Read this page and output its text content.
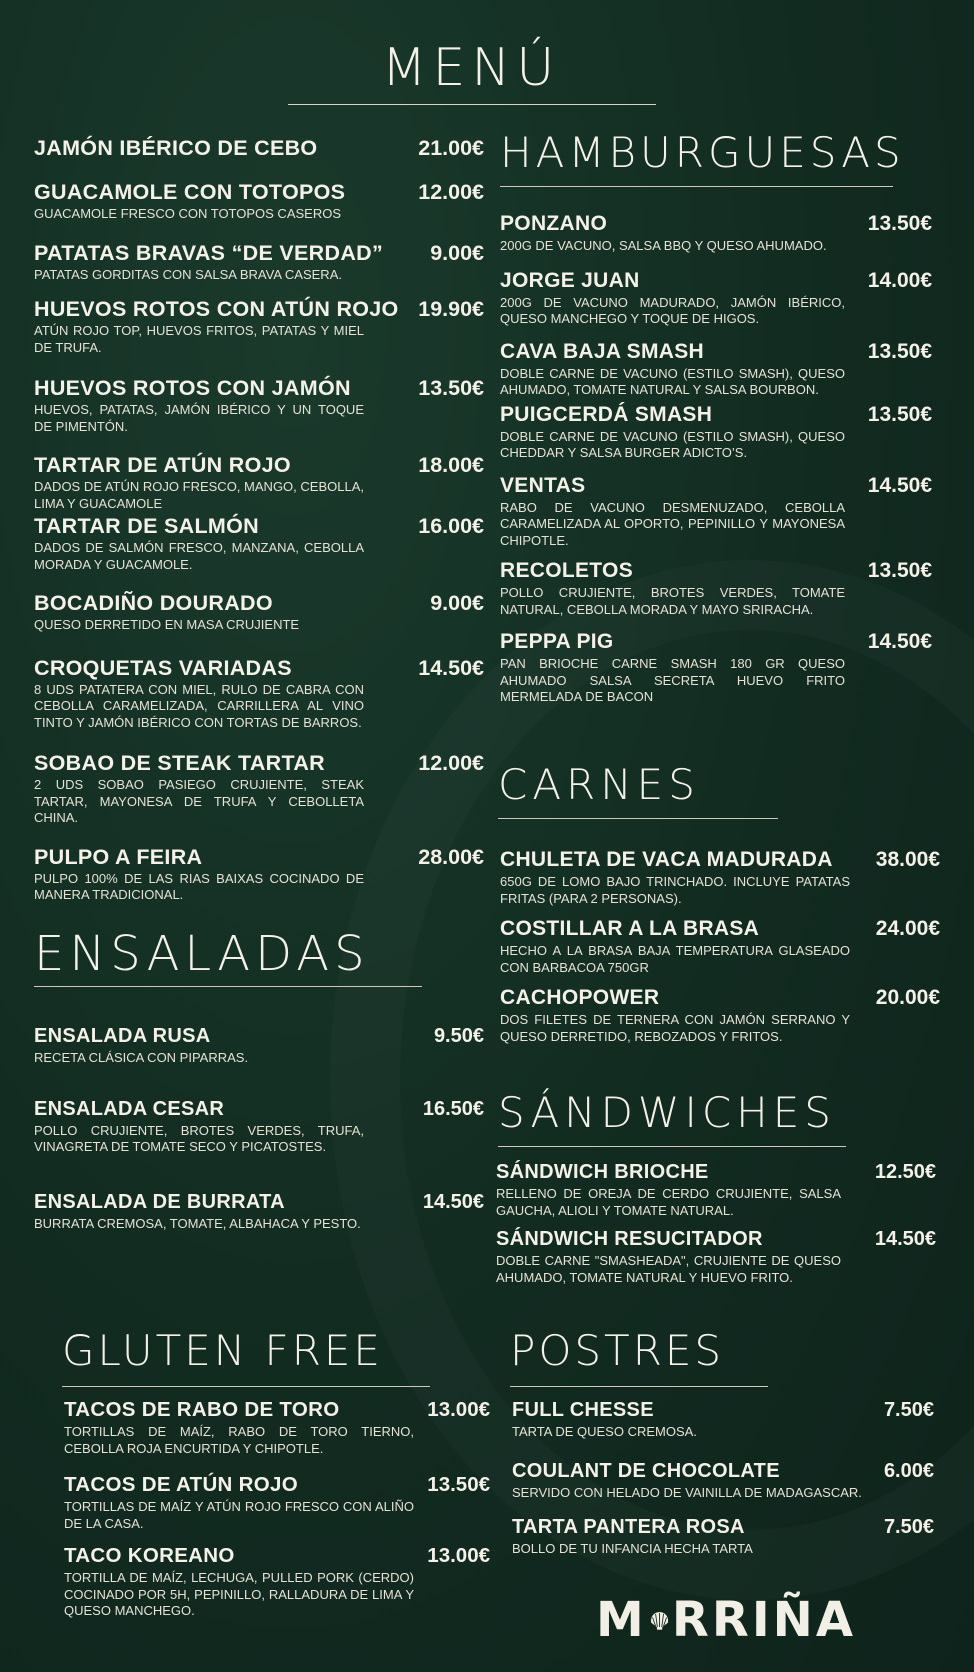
MENÚ
JAMÓN IBÉRICO DE CEBO	21.00€
GUACAMOLE CON TOTOPOS	12.00€
GUACAMOLE FRESCO CON TOTOPOS CASEROS
PATATAS BRAVAS “DE VERDAD”	9.00€
PATATAS GORDITAS CON SALSA BRAVA CASERA.
HUEVOS ROTOS CON ATÚN ROJO 19.90€
ATÚN ROJO TOP, HUEVOS FRITOS, PATATAS Y MIEL DE TRUFA.
HUEVOS ROTOS CON JAMÓN	13.50€
HUEVOS, PATATAS, JAMÓN IBÉRICO Y UN TOQUE DE PIMENTÓN.
TARTAR DE ATÚN ROJO	18.00€
DADOS DE ATÚN ROJO FRESCO, MANGO, CEBOLLA, LIMA Y GUACAMOLE
TARTAR DE SALMÓN	16.00€
DADOS DE SALMÓN FRESCO, MANZANA, CEBOLLA MORADA Y GUACAMOLE.
BOCADIÑO DOURADO	9.00€
QUESO DERRETIDO EN MASA CRUJIENTE
CROQUETAS VARIADAS	14.50€
8 UDS PATATERA CON MIEL, RULO DE CABRA CON CEBOLLA CARAMELIZADA, CARRILLERA AL VINO TINTO Y JAMÓN IBÉRICO CON TORTAS DE BARROS.
SOBAO DE STEAK TARTAR	12.00€
2 UDS SOBAO PASIEGO CRUJIENTE, STEAK TARTAR, MAYONESA DE TRUFA Y CEBOLLETA CHINA.
PULPO A FEIRA	28.00€
PULPO 100% DE LAS RIAS BAIXAS COCINADO DE MANERA TRADICIONAL.
ENSALADAS
ENSALADA RUSA	9.50€
RECETA CLÁSICA CON PIPARRAS.
ENSALADA CESAR	16.50€
POLLO CRUJIENTE, BROTES VERDES, TRUFA, VINAGRETA DE TOMATE SECO Y PICATOSTES.
ENSALADA DE BURRATA	14.50€
BURRATA CREMOSA, TOMATE, ALBAHACA Y PESTO.
HAMBURGUESAS
PONZANO	13.50€
200G DE VACUNO, SALSA BBQ Y QUESO AHUMADO.
JORGE JUAN	14.00€
200G DE VACUNO MADURADO, JAMÓN IBÉRICO, QUESO MANCHEGO Y TOQUE DE HIGOS.
CAVA BAJA SMASH	13.50€
DOBLE CARNE DE VACUNO (ESTILO SMASH), QUESO AHUMADO, TOMATE NATURAL Y SALSA BOURBON.
PUIGCERDÁ SMASH	13.50€
DOBLE CARNE DE VACUNO (ESTILO SMASH), QUESO CHEDDAR Y SALSA BURGER ADICTO’S.
VENTAS	14.50€
RABO DE VACUNO DESMENUZADO, CEBOLLA CARAMELIZADA AL OPORTO, PEPINILLO Y MAYONESA CHIPOTLE.
RECOLETOS	13.50€
POLLO CRUJIENTE, BROTES VERDES, TOMATE NATURAL, CEBOLLA MORADA Y MAYO SRIRACHA.
PEPPA PIG	14.50€
PAN BRIOCHE CARNE SMASH 180 GR QUESO AHUMADO SALSA SECRETA HUEVO FRITO MERMELADA DE BACON
CARNES
CHULETA DE VACA MADURADA	38.00€
650G DE LOMO BAJO TRINCHADO. INCLUYE PATATAS FRITAS (PARA 2 PERSONAS).
COSTILLAR A LA BRASA	24.00€
HECHO A LA BRASA BAJA TEMPERATURA GLASEADO CON BARBACOA 750GR
CACHOPOWER	20.00€
DOS FILETES DE TERNERA CON JAMÓN SERRANO Y QUESO DERRETIDO, REBOZADOS Y FRITOS.
SÁNDWICHES
SÁNDWICH BRIOCHE	12.50€
RELLENO DE OREJA DE CERDO CRUJIENTE, SALSA GAUCHA, ALIOLI Y TOMATE NATURAL.
SÁNDWICH RESUCITADOR	14.50€
DOBLE CARNE "SMASHEADA", CRUJIENTE DE QUESO AHUMADO, TOMATE NATURAL Y HUEVO FRITO.
GLUTEN FREE
TACOS DE RABO DE TORO	13.00€
TORTILLAS DE MAÍZ, RABO DE TORO TIERNO, CEBOLLA ROJA ENCURTIDA Y CHIPOTLE.
TACOS DE ATÚN ROJO	13.50€
TORTILLAS DE MAÍZ Y ATÚN ROJO FRESCO CON ALIÑO DE LA CASA.
TACO KOREANO	13.00€
TORTILLA DE MAÍZ, LECHUGA, PULLED PORK (CERDO) COCINADO POR 5H, PEPINILLO, RALLADURA DE LIMA Y QUESO MANCHEGO.
POSTRES
FULL CHESSE	7.50€
TARTA DE QUESO CREMOSA.
COULANT DE CHOCOLATE	6.00€
SERVIDO CON HELADO DE VAINILLA DE MADAGASCAR.
TARTA PANTERA ROSA	7.50€
BOLLO DE TU INFANCIA HECHA TARTA
M RRIÑA
